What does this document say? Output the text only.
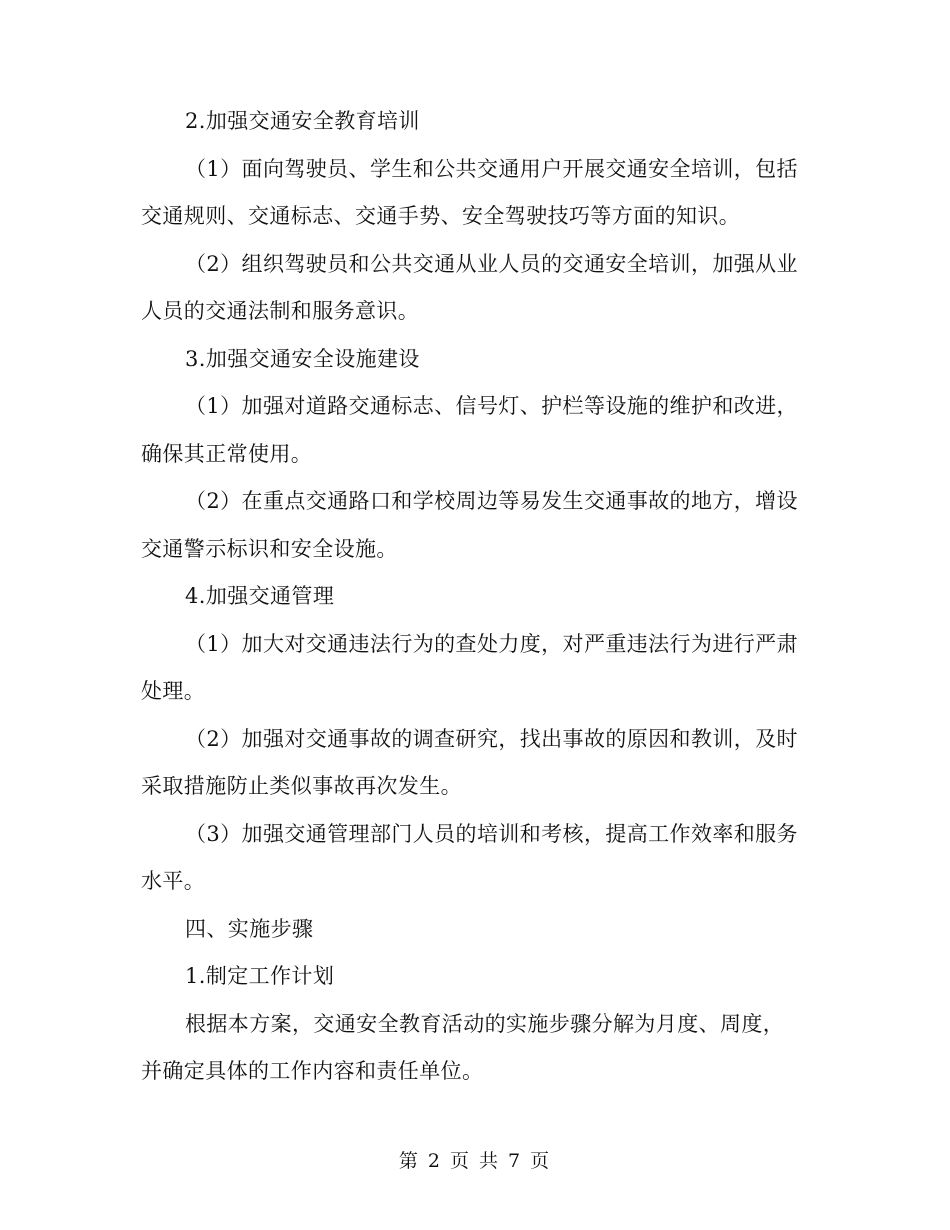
2.加强交通安全教育培训
（1）面向驾驶员、学生和公共交通用户开展交通安全培训，包括
交通规则、交通标志、交通手势、安全驾驶技巧等方面的知识。
（2）组织驾驶员和公共交通从业人员的交通安全培训，加强从业
人员的交通法制和服务意识。
3.加强交通安全设施建设
（1）加强对道路交通标志、信号灯、护栏等设施的维护和改进，
确保其正常使用。
（2）在重点交通路口和学校周边等易发生交通事故的地方，增设
交通警示标识和安全设施。
4.加强交通管理
（1）加大对交通违法行为的查处力度，对严重违法行为进行严肃
处理。
（2）加强对交通事故的调查研究，找出事故的原因和教训，及时
采取措施防止类似事故再次发生。
（3）加强交通管理部门人员的培训和考核，提高工作效率和服务
水平。
四、实施步骤
1.制定工作计划
根据本方案，交通安全教育活动的实施步骤分解为月度、周度，
并确定具体的工作内容和责任单位。
第 2 页 共 7 页
